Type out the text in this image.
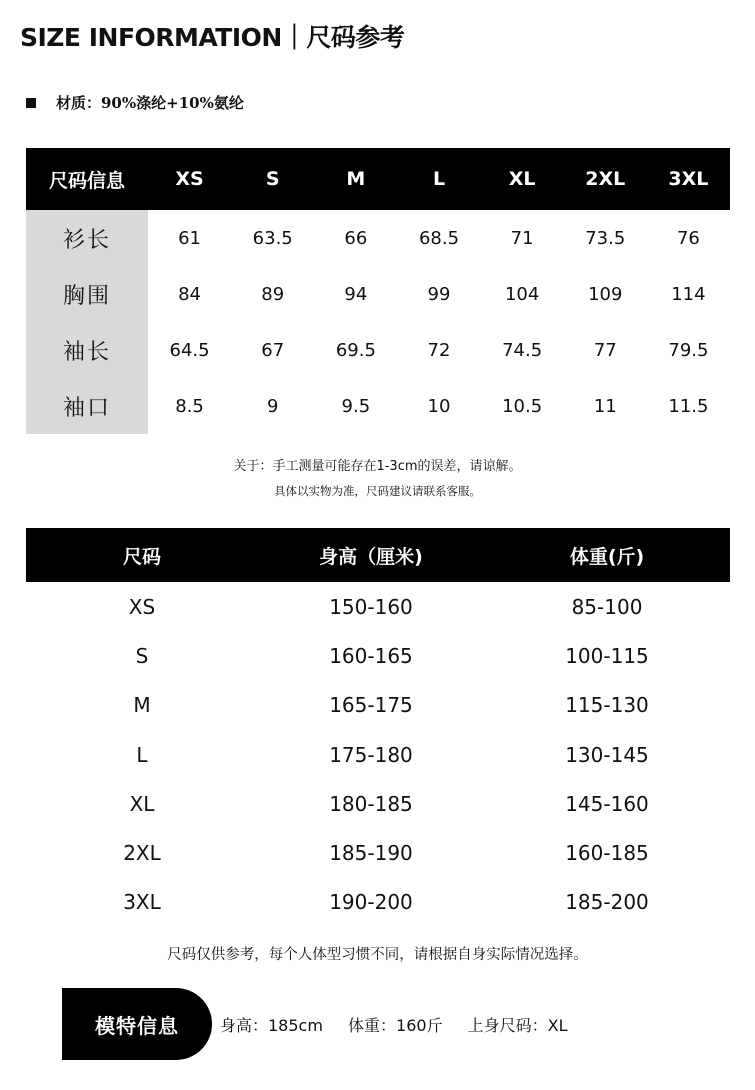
SIZE INFORMATION｜尺码参考
材质：90%涤纶+10%氨纶
尺码信息	XS	S	M	L	XL	2XL	3XL
衫长	61	63.5	66	68.5	71	73.5	76
胸围	84	89	94	99	104	109	114
袖长	64.5	67	69.5	72	74.5	77	79.5
袖口	8.5	9	9.5	10	10.5	11	11.5
关于：手工测量可能存在1-3cm的误差，请谅解。
具体以实物为准，尺码建议请联系客服。
尺码	身高（厘米)	体重(斤)
XS	150-160	85-100
S	160-165	100-115
M	165-175	115-130
L	175-180	130-145
XL	180-185	145-160
2XL	185-190	160-185
3XL	190-200	185-200
尺码仅供参考，每个人体型习惯不同，请根据自身实际情况选择。
模特信息	身高：185cm 体重：160斤 上身尺码：XL
